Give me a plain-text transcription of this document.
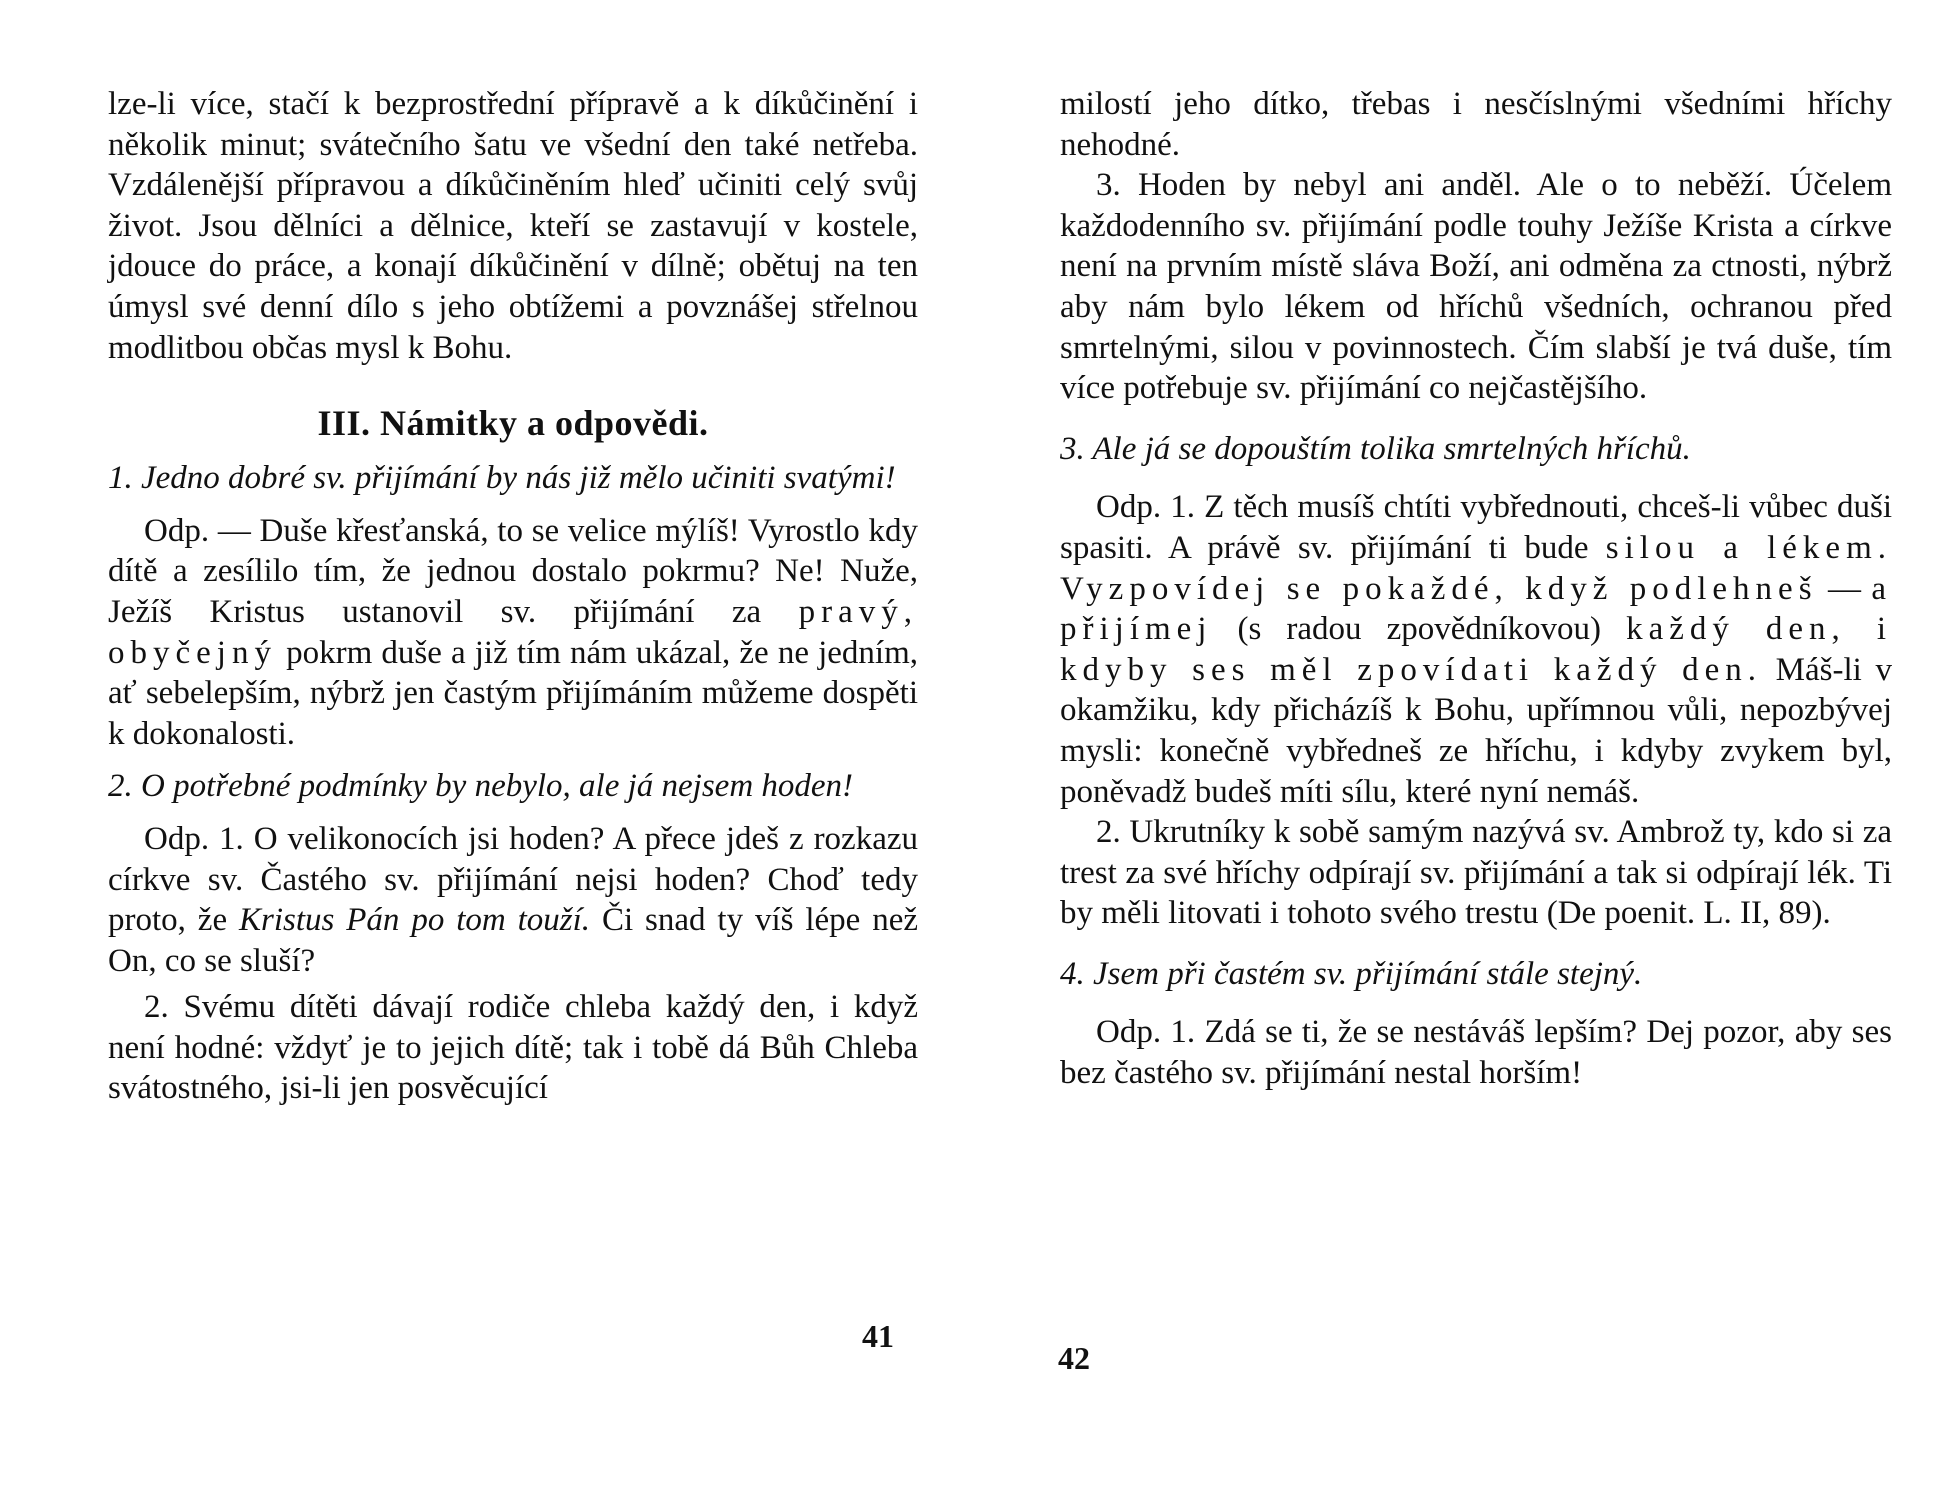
lze-li více, stačí k bezprostřední přípravě a k díkůčinění i několik minut; svátečního šatu ve všední den také netřeba. Vzdálenější přípravou a díkůčiněním hleď učiniti celý svůj život. Jsou dělníci a dělnice, kteří se zastavují v kostele, jdouce do práce, a konají díkůčinění v dílně; obětuj na ten úmysl své denní dílo s jeho obtížemi a povznášej střelnou modlitbou občas mysl k Bohu.

III. Námitky a odpovědi.

1. Jedno dobré sv. přijímání by nás již mělo učiniti svatými!

Odp. — Duše křesťanská, to se velice mýlíš! Vyrostlo kdy dítě a zesílilo tím, že jednou dostalo pokrmu? Ne! Nuže, Ježíš Kristus ustanovil sv. přijímání za pravý, obyčejný pokrm duše a již tím nám ukázal, že ne jedním, ať sebelepším, nýbrž jen častým přijímáním můžeme dospěti k dokonalosti.

2. O potřebné podmínky by nebylo, ale já nejsem hoden!

Odp. 1. O velikonocích jsi hoden? A přece jdeš z rozkazu církve sv. Častého sv. přijímání nejsi hoden? Choď tedy proto, že Kristus Pán po tom touží. Či snad ty víš lépe než On, co se sluší?

2. Svému dítěti dávají rodiče chleba každý den, i když není hodné: vždyť je to jejich dítě; tak i tobě dá Bůh Chleba svátostného, jsi-li jen posvěcující

41

milostí jeho dítko, třebas i nesčíslnými všedními hříchy nehodné.

3. Hoden by nebyl ani anděl. Ale o to neběží. Účelem každodenního sv. přijímání podle touhy Ježíše Krista a církve není na prvním místě sláva Boží, ani odměna za ctnosti, nýbrž aby nám bylo lékem od hříchů všedních, ochranou před smrtelnými, silou v povinnostech. Čím slabší je tvá duše, tím více potřebuje sv. přijímání co nejčastějšího.

3. Ale já se dopouštím tolika smrtelných hříchů.

Odp. 1. Z těch musíš chtíti vybřednouti, chceš-li vůbec duši spasiti. A právě sv. přijímání ti bude silou a lékem. Vyzpovídej se pokaždé, když podlehneš — a přijímej (s radou zpovědníkovou) každý den, i kdyby ses měl zpovídati každý den. Máš-li v okamžiku, kdy přicházíš k Bohu, upřímnou vůli, nepozbývej mysli: konečně vybředneš ze hříchu, i kdyby zvykem byl, poněvadž budeš míti sílu, které nyní nemáš.

2. Ukrutníky k sobě samým nazývá sv. Ambrož ty, kdo si za trest za své hříchy odpírají sv. přijímání a tak si odpírají lék. Ti by měli litovati i tohoto svého trestu (De poenit. L. II, 89).

4. Jsem při častém sv. přijímání stále stejný.

Odp. 1. Zdá se ti, že se nestáváš lepším? Dej pozor, aby ses bez častého sv. přijímání nestal horším!

42
